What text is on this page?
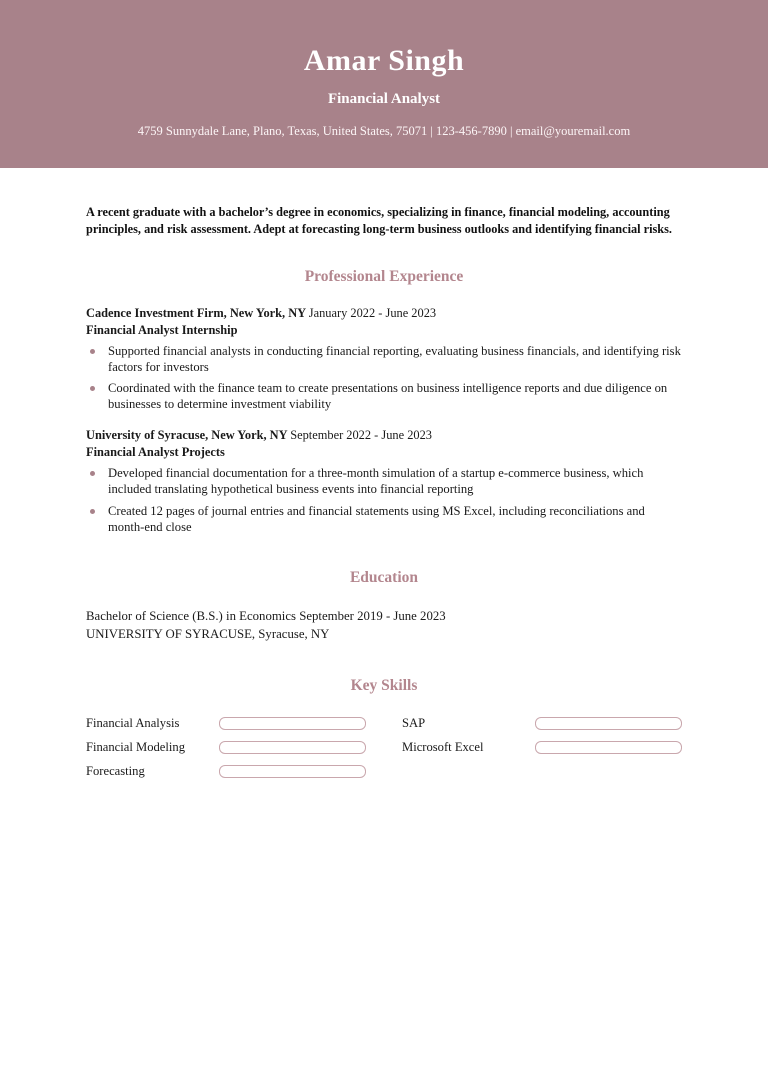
Amar Singh
Financial Analyst
4759 Sunnydale Lane, Plano, Texas, United States, 75071 | 123-456-7890 | email@youremail.com

A recent graduate with a bachelor’s degree in economics, specializing in finance, financial modeling, accounting principles, and risk assessment. Adept at forecasting long-term business outlooks and identifying financial risks.

Professional Experience

Cadence Investment Firm, New York, NY January 2022 - June 2023

Financial Analyst Internship

Supported financial analysts in conducting financial reporting, evaluating business financials, and identifying risk factors for investors
Coordinated with the finance team to create presentations on business intelligence reports and due diligence on businesses to determine investment viability

University of Syracuse, New York, NY September 2022 - June 2023

Financial Analyst Projects

Developed financial documentation for a three-month simulation of a startup e-commerce business, which included translating hypothetical business events into financial reporting
Created 12 pages of journal entries and financial statements using MS Excel, including reconciliations and month-end close
Education

Bachelor of Science (B.S.) in Economics September 2019 - June 2023

UNIVERSITY OF SYRACUSE, Syracuse, NY

Key Skills
Financial Analysis
Financial Modeling
Forecasting
SAP
Microsoft Excel
